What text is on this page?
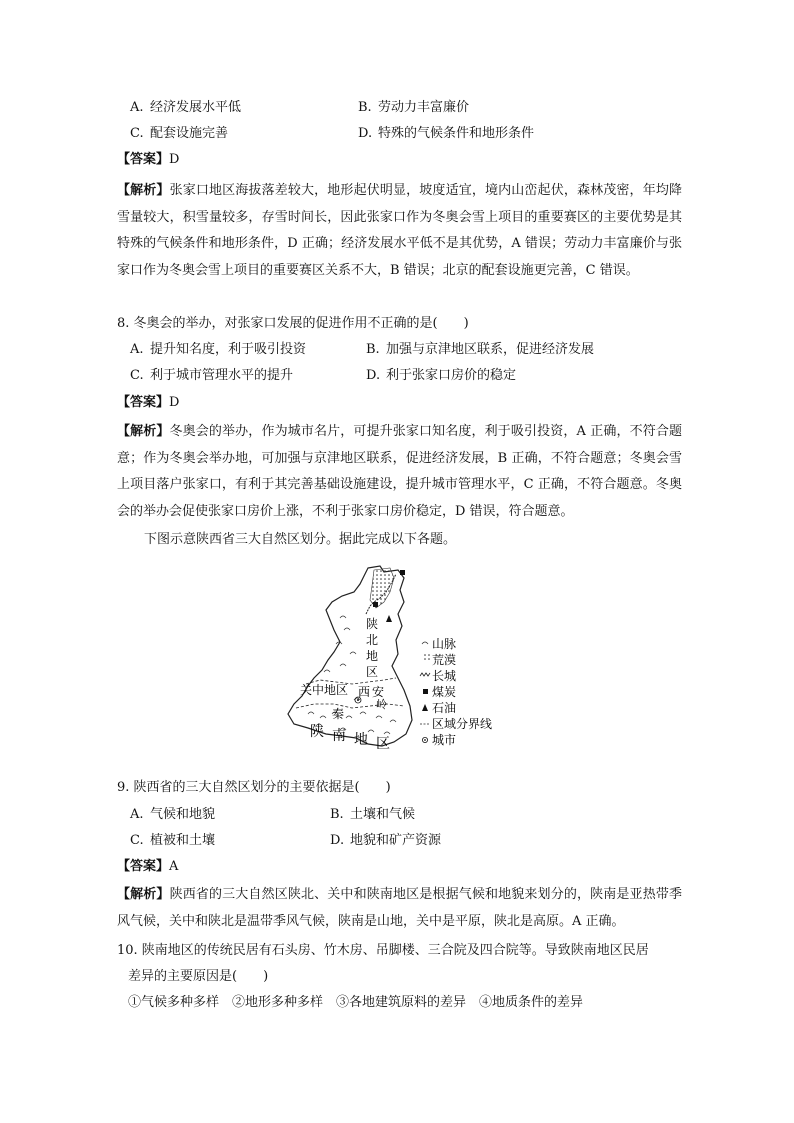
A. 经济发展水平低	B. 劳动力丰富廉价
C. 配套设施完善	D. 特殊的气候条件和地形条件
【答案】D
【解析】张家口地区海拔落差较大，地形起伏明显，坡度适宜，境内山峦起伏，森林茂密，年均降雪量较大，积雪量较多，存雪时间长，因此张家口作为冬奥会雪上项目的重要赛区的主要优势是其特殊的气候条件和地形条件，D 正确；经济发展水平低不是其优势，A 错误；劳动力丰富廉价与张家口作为冬奥会雪上项目的重要赛区关系不大，B 错误；北京的配套设施更完善，C 错误。
8. 冬奥会的举办，对张家口发展的促进作用不正确的是(　　)
A. 提升知名度，利于吸引投资	B. 加强与京津地区联系，促进经济发展
C. 利于城市管理水平的提升	D. 利于张家口房价的稳定
【答案】D
【解析】冬奥会的举办，作为城市名片，可提升张家口知名度，利于吸引投资，A 正确，不符合题意；作为冬奥会举办地，可加强与京津地区联系，促进经济发展，B 正确，不符合题意；冬奥会雪上项目落户张家口，有利于其完善基础设施建设，提升城市管理水平，C 正确，不符合题意。冬奥会的举办会促使张家口房价上涨，不利于张家口房价稳定，D 错误，符合题意。
下图示意陕西省三大自然区划分。据此完成以下各题。
陕
北
地
区
关中地区 西 安
秦
岭
陕 南 地 区
山脉
荒漠
长城
煤炭
石油
区域分界线
城市
9. 陕西省的三大自然区划分的主要依据是(　　)
A. 气候和地貌	B. 土壤和气候
C. 植被和土壤	D. 地貌和矿产资源
【答案】A
【解析】陕西省的三大自然区陕北、关中和陕南地区是根据气候和地貌来划分的，陕南是亚热带季风气候，关中和陕北是温带季风气候，陕南是山地，关中是平原，陕北是高原。A 正确。
10. 陕南地区的传统民居有石头房、竹木房、吊脚楼、三合院及四合院等。导致陕南地区民居
差异的主要原因是(　　)
①气候多种多样　②地形多种多样　③各地建筑原料的差异　④地质条件的差异
